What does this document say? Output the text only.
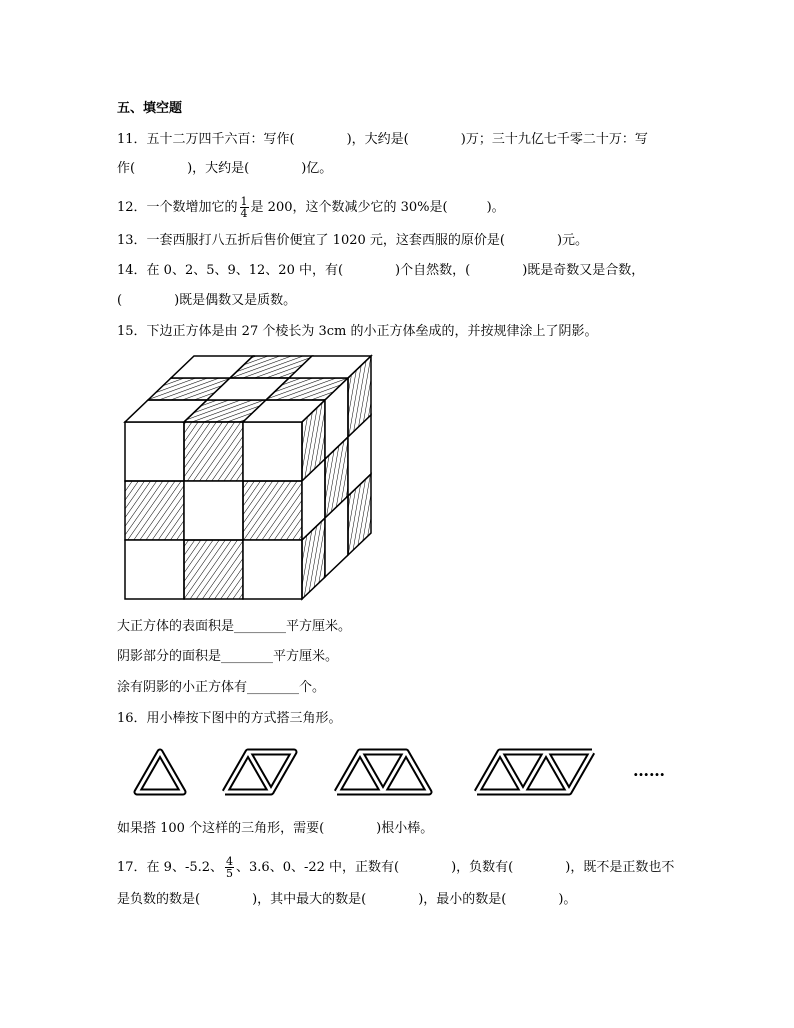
五、填空题
11．五十二万四千六百：写作(　　　　)，大约是(　　　　)万；三十九亿七千零二十万：写
作(　　　　)，大约是(　　　　)亿。
12．一个数增加它的 $\frac{1}{4}$ 是 200，这个数减少它的 30%是(　　　)。
13．一套西服打八五折后售价便宜了 1020 元，这套西服的原价是(　　　　)元。
14．在 0、2、5、9、12、20 中，有(　　　　)个自然数，(　　　　)既是奇数又是合数，
(　　　　)既是偶数又是质数。
15．下边正方体是由 27 个棱长为 3cm 的小正方体垒成的，并按规律涂上了阴影。
大正方体的表面积是________平方厘米。
阴影部分的面积是________平方厘米。
涂有阴影的小正方体有________个。
16．用小棒按下图中的方式搭三角形。
……
如果搭 100 个这样的三角形，需要(　　　　)根小棒。
17．在 9、-5.2、 $\frac{4}{5}$ 、3.6、0、-22 中，正数有(　　　　)，负数有(　　　　)，既不是正数也不
是负数的数是(　　　　)，其中最大的数是(　　　　)，最小的数是(　　　　)。
